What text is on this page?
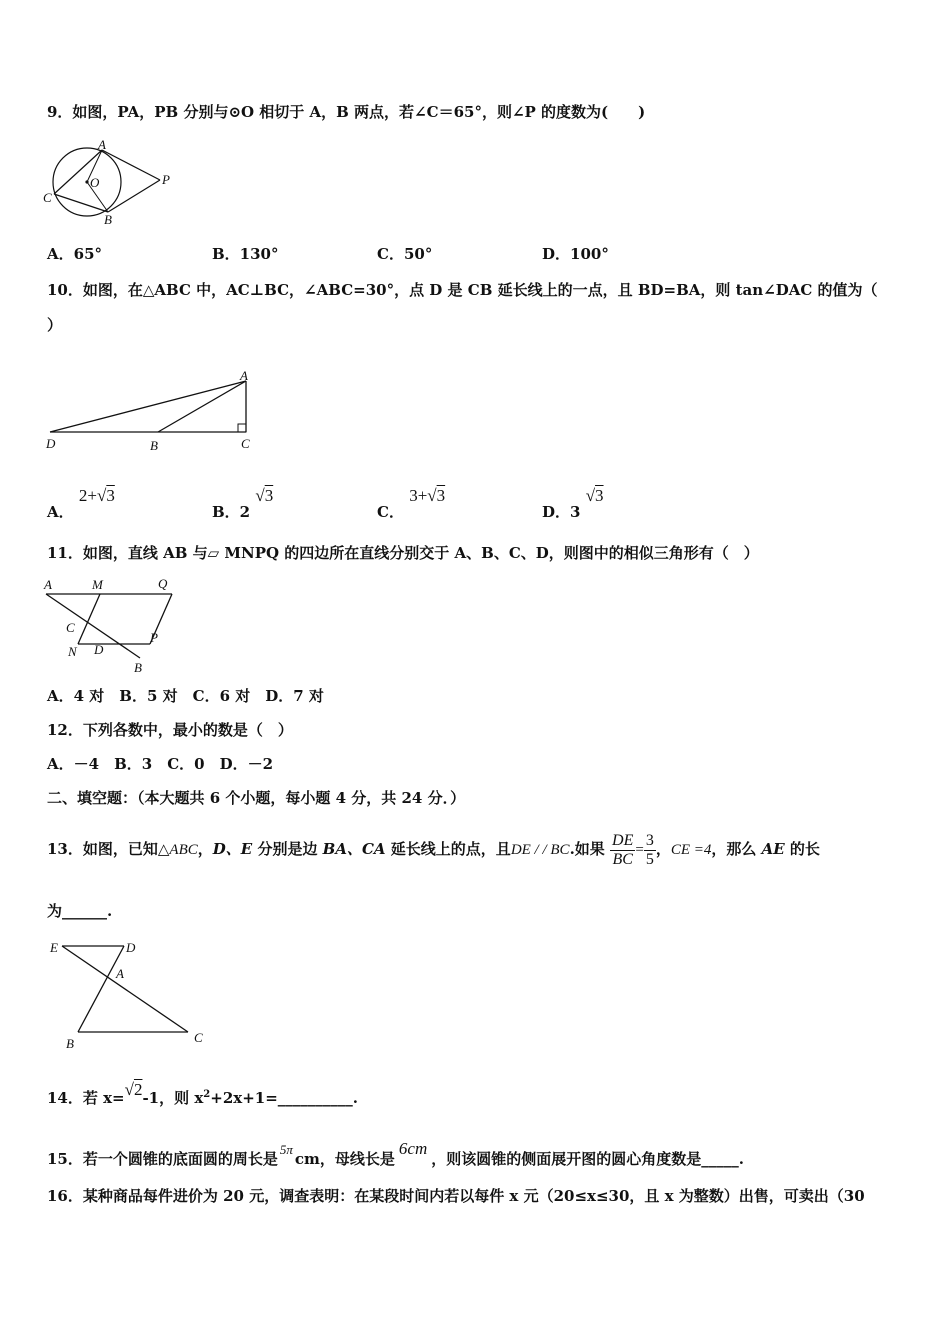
9．如图，PA，PB 分别与⊙O 相切于 A，B 两点，若∠C＝65°，则∠P 的度数为(　　)
A
O	P
C
B
A．65°	B．130°	C．50°	D．100°
10．如图，在△ABC 中，AC⊥BC，∠ABC=30°，点 D 是 CB 延长线上的一点，且 BD=BA，则 tan∠DAC 的值为（
）
A
D	B	C
A． 2+√3
B．2 √3
C． 3+√3
D．3 √3
11．如图，直线 AB 与▱ MNPQ 的四边所在直线分别交于 A、B、C、D，则图中的相似三角形有（　）
A	M	Q
C
P
N D
B
A．4 对　B．5 对　C．6 对　D．7 对
12．下列各数中，最小的数是（　）
A．－4　B．3　C．0　D．－2
二、填空题：（本大题共 6 个小题，每小题 4 分，共 24 分．）
13．如图，已知△ABC，D、E 分别是边 BA、CA 延长线上的点，且DE / / BC.如果 $\frac{DE}{BC} = \frac{3}{5}$ ，CE =4，那么 AE 的长
为______.
E	D
A
B	C
14．若 x=√2-1，则 $x^2+2x+1=\_\_\_\_\_\_\_\_\_\_$.
15．若一个圆锥的底面圆的周长是5πcm，母线长是6cm，则该圆锥的侧面展开图的圆心角度数是_____.
16．某种商品每件进价为 20 元，调查表明：在某段时间内若以每件 x 元（20≤x≤30，且 x 为整数）出售，可卖出（30
